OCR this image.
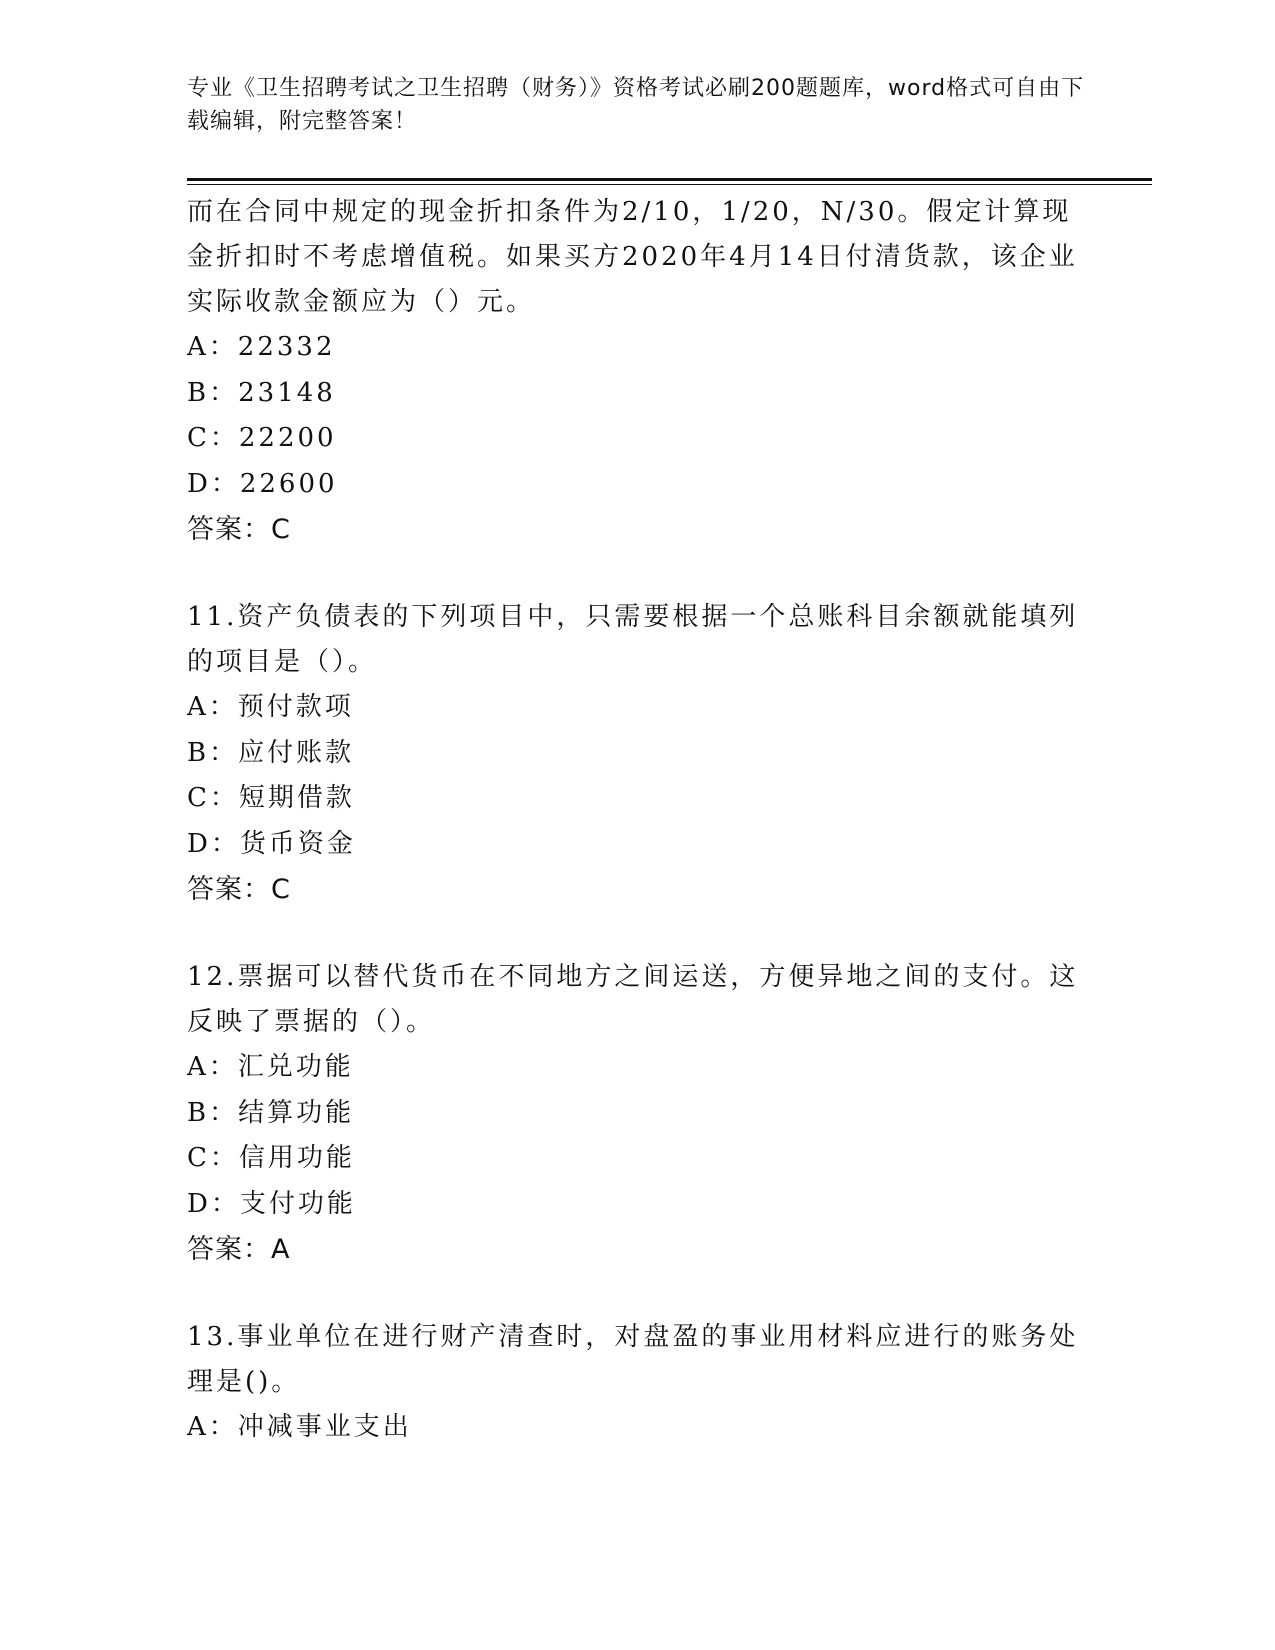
专业《卫生招聘考试之卫生招聘（财务）》资格考试必刷200题题库，word格式可自由下载编辑，附完整答案！

而在合同中规定的现金折扣条件为2/10，1/20，N/30。假定计算现金折扣时不考虑增值税。如果买方2020年4月14日付清货款，该企业实际收款金额应为（）元。

A：22332

B：23148

C：22200

D：22600

答案：C

11.资产负债表的下列项目中，只需要根据一个总账科目余额就能填列的项目是（）。

A：预付款项

B：应付账款

C：短期借款

D：货币资金

答案：C

12.票据可以替代货币在不同地方之间运送，方便异地之间的支付。这反映了票据的（）。

A：汇兑功能

B：结算功能

C：信用功能

D：支付功能

答案：A

13.事业单位在进行财产清查时，对盘盈的事业用材料应进行的账务处理是()。

A：冲减事业支出
